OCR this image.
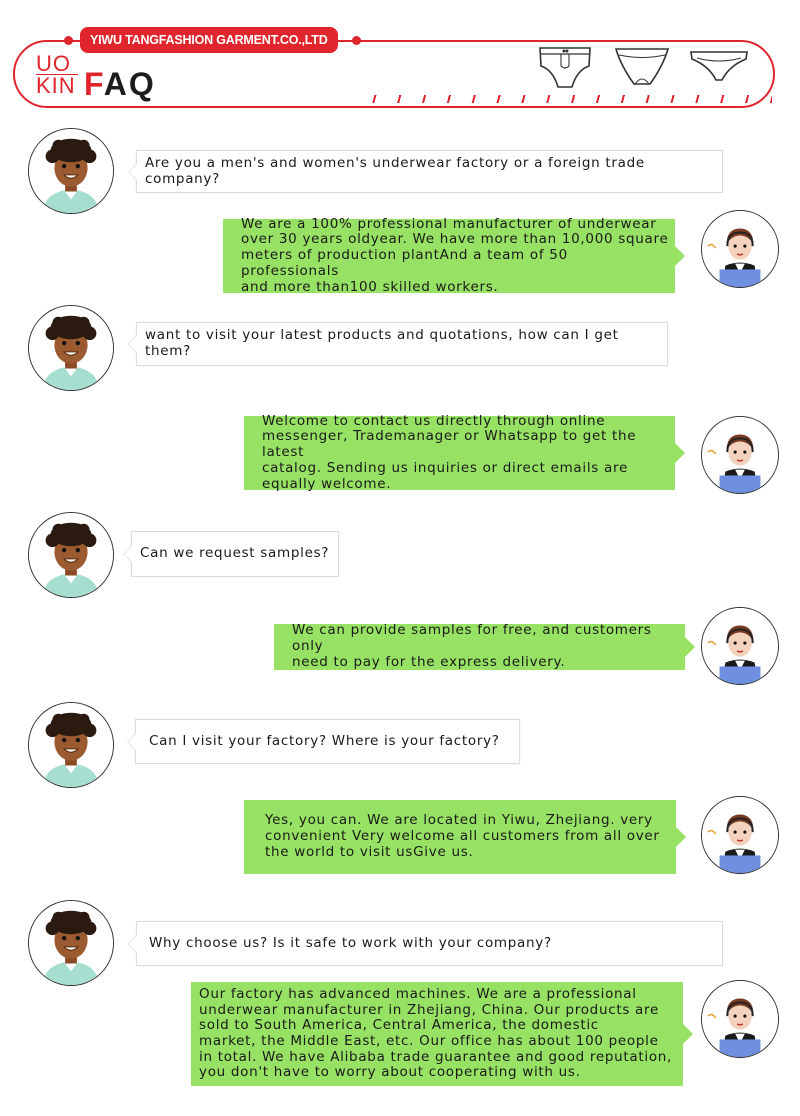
YIWU TANGFASHION GARMENT.CO.,LTD
UO
KIN FAQ
Are you a men's and women's underwear factory or a foreign trade company?
We are a 100% professional manufacturer of underwear
over 30 years oldyear. We have more than 10,000 square
meters of production plantAnd a team of 50 professionals
and more than100 skilled workers.
want to visit your latest products and quotations, how can I get them?
Welcome to contact us directly through online
messenger, Trademanager or Whatsapp to get the latest
catalog. Sending us inquiries or direct emails are
equally welcome.
Can we request samples?
We can provide samples for free, and customers only
need to pay for the express delivery.
Can I visit your factory? Where is your factory?
Yes, you can. We are located in Yiwu, Zhejiang. very
convenient Very welcome all customers from all over
the world to visit usGive us.
Why choose us? Is it safe to work with your company?
Our factory has advanced machines. We are a professional
underwear manufacturer in Zhejiang, China. Our products are
sold to South America, Central America, the domestic
market, the Middle East, etc. Our office has about 100 people
in total. We have Alibaba trade guarantee and good reputation,
you don't have to worry about cooperating with us.
